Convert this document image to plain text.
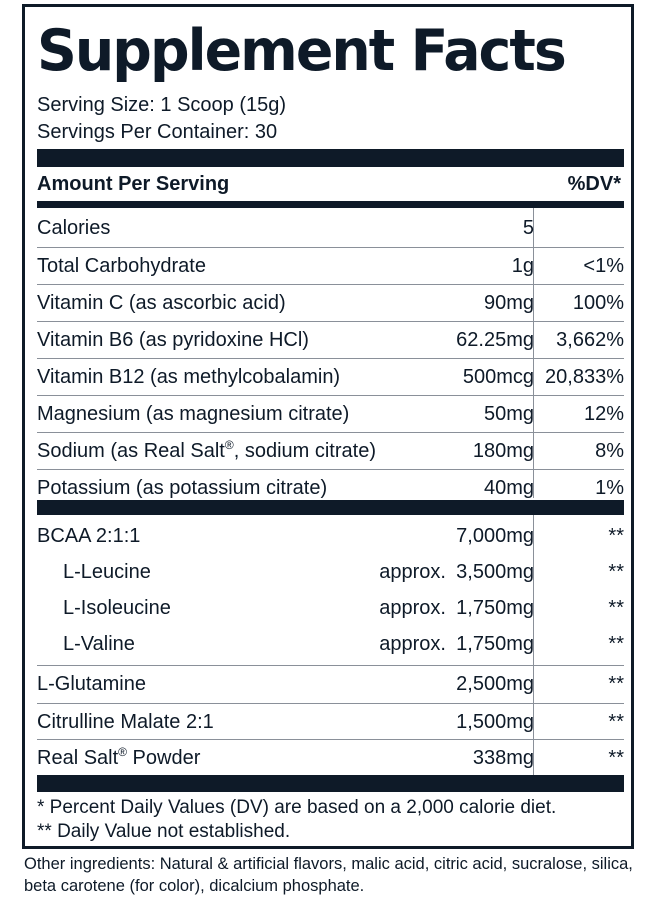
Supplement Facts
Serving Size: 1 Scoop (15g)
Servings Per Container: 30
Amount Per Serving	%DV*
Calories	5
Total Carbohydrate	1g <1%
Vitamin C (as ascorbic acid)	90mg 100%
Vitamin B6 (as pyridoxine HCl)	62.25mg 3,662%
Vitamin B12 (as methylcobalamin)	500mcg 20,833%
Magnesium (as magnesium citrate)	50mg 12%
Sodium (as Real Salt®, sodium citrate)	180mg	8%
Potassium (as potassium citrate)	40mg	1%
BCAA 2:1:1	7,000mg	**
L-Leucine	approx. 3,500mg	**
L-Isoleucine	approx. 1,750mg	**
L-Valine	approx. 1,750mg	**
L-Glutamine	2,500mg	**
Citrulline Malate 2:1	1,500mg	**
Real Salt® Powder	338mg	**
* Percent Daily Values (DV) are based on a 2,000 calorie diet.
** Daily Value not established.
Other ingredients: Natural & artificial flavors, malic acid, citric acid, sucralose, silica, beta carotene (for color), dicalcium phosphate.
